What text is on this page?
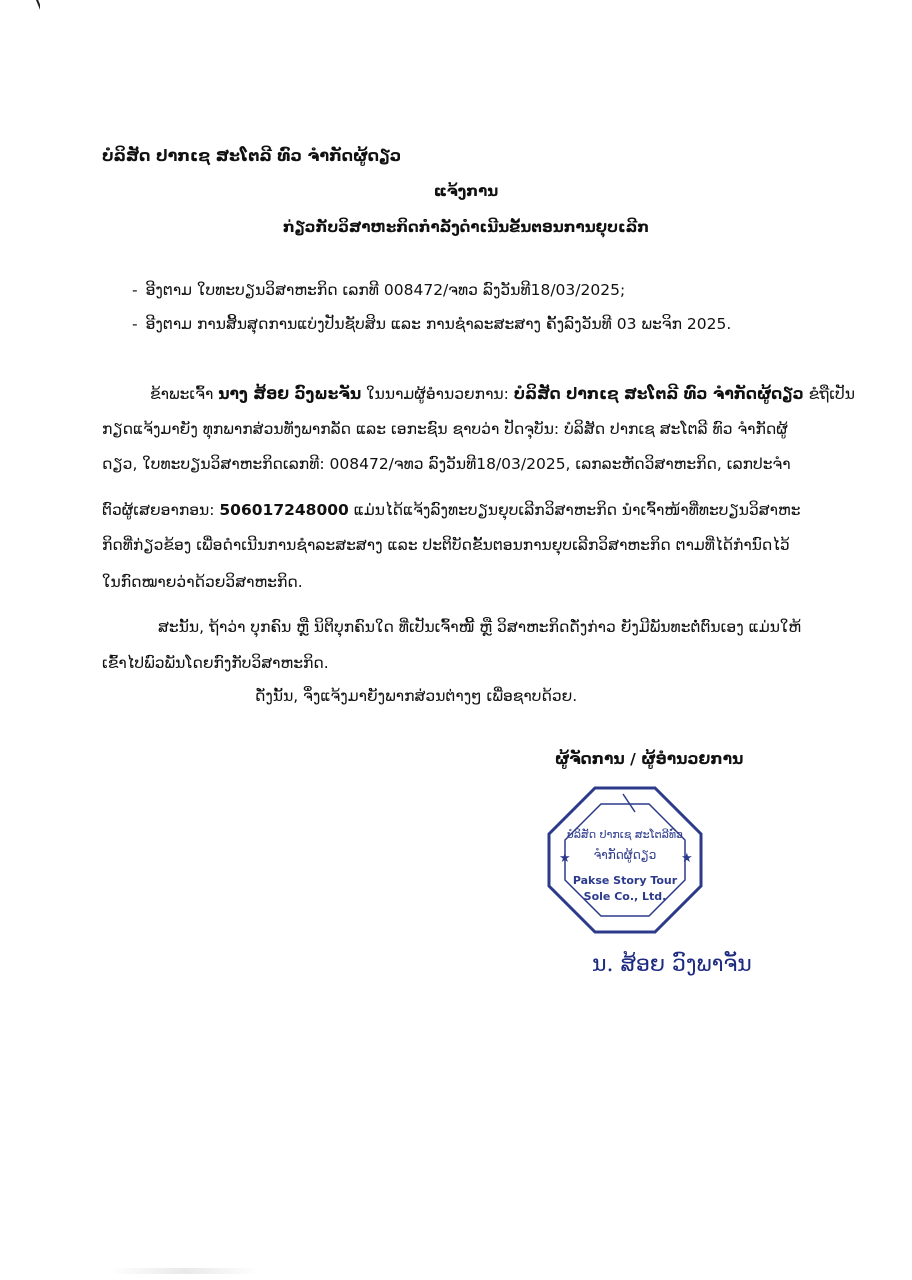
ບໍລິສັດ ປາກເຊ ສະໂຕລີ ທົວ ຈຳກັດຜູ້ດຽວ
ແຈ້ງການ
ກ່ຽວກັບວິສາຫະກິດກຳລັງດຳເນີນຂັ້ນຕອນການຍຸບເລີກ
- ອີງຕາມ ໃບທະບຽນວິສາຫະກິດ ເລກທີ 008472/ຈທວ ລົງວັນທີ18/03/2025;
- ອີງຕາມ ການສິ້ນສຸດການແບ່ງປັນຊັບສິນ ແລະ ການຊຳລະສະສາງ ຄັ້ງລົງວັນທີ 03 ພະຈິກ 2025.
ຂ້າພະເຈົ້າ ນາງ ສ້ອຍ ວົງພະຈັນ ໃນນາມຜູ້ອຳນວຍການ: ບໍລິສັດ ປາກເຊ ສະໂຕລີ ທົວ ຈຳກັດຜູ້ດຽວ ຂໍຖືເປັນ
ກຽດແຈ້ງມາຍັງ ທຸກພາກສ່ວນທັງພາກລັດ ແລະ ເອກະຊົນ ຊາບວ່າ ປັດຈຸບັນ: ບໍລິສັດ ປາກເຊ ສະໂຕລີ ທົວ ຈຳກັດຜູ້
ດຽວ, ໃບທະບຽນວິສາຫະກິດເລກທີ: 008472/ຈທວ ລົງວັນທີ18/03/2025, ເລກລະຫັດວິສາຫະກິດ, ເລກປະຈຳ
ຕົວຜູ້ເສຍອາກອນ: 506017248000 ແມ່ນໄດ້ແຈ້ງລົງທະບຽນຍຸບເລີກວິສາຫະກິດ ນຳເຈົ້າໜ້າທີ່ທະບຽນວິສາຫະ
ກິດທີ່ກ່ຽວຂ້ອງ ເພື່ອດຳເນີນການຊຳລະສະສາງ ແລະ ປະຕິບັດຂັ້ນຕອນການຍຸບເລີກວິສາຫະກິດ ຕາມທີ່ໄດ້ກຳນົດໄວ້
ໃນກົດໝາຍວ່າດ້ວຍວິສາຫະກິດ.
ສະນັ້ນ, ຖ້າວ່າ ບຸກຄົນ ຫຼື ນິຕິບຸກຄົນໃດ ທີ່ເປັນເຈົ້າໜີ້ ຫຼື ວິສາຫະກິດດັ່ງກ່າວ ຍັງມີພັນທະຕໍ່ຕົນເອງ ແມ່ນໃຫ້
ເຂົ້າໄປພົວພັນໂດຍກົງກັບວິສາຫະກິດ.
ດັ່ງນັ້ນ, ຈຶ່ງແຈ້ງມາຍັງພາກສ່ວນຕ່າງໆ ເພື່ອຊາບດ້ວຍ.
ຜູ້ຈັດການ / ຜູ້ອຳນວຍການ
★	★
ບໍລິສັດ ປາກເຊ ສະໂຕລີທົວ
ຈຳກັດຜູ້ດຽວ
Pakse Story Tour
Sole Co., Ltd.
ນ. ສ້ອຍ ວົງພາຈັນ
